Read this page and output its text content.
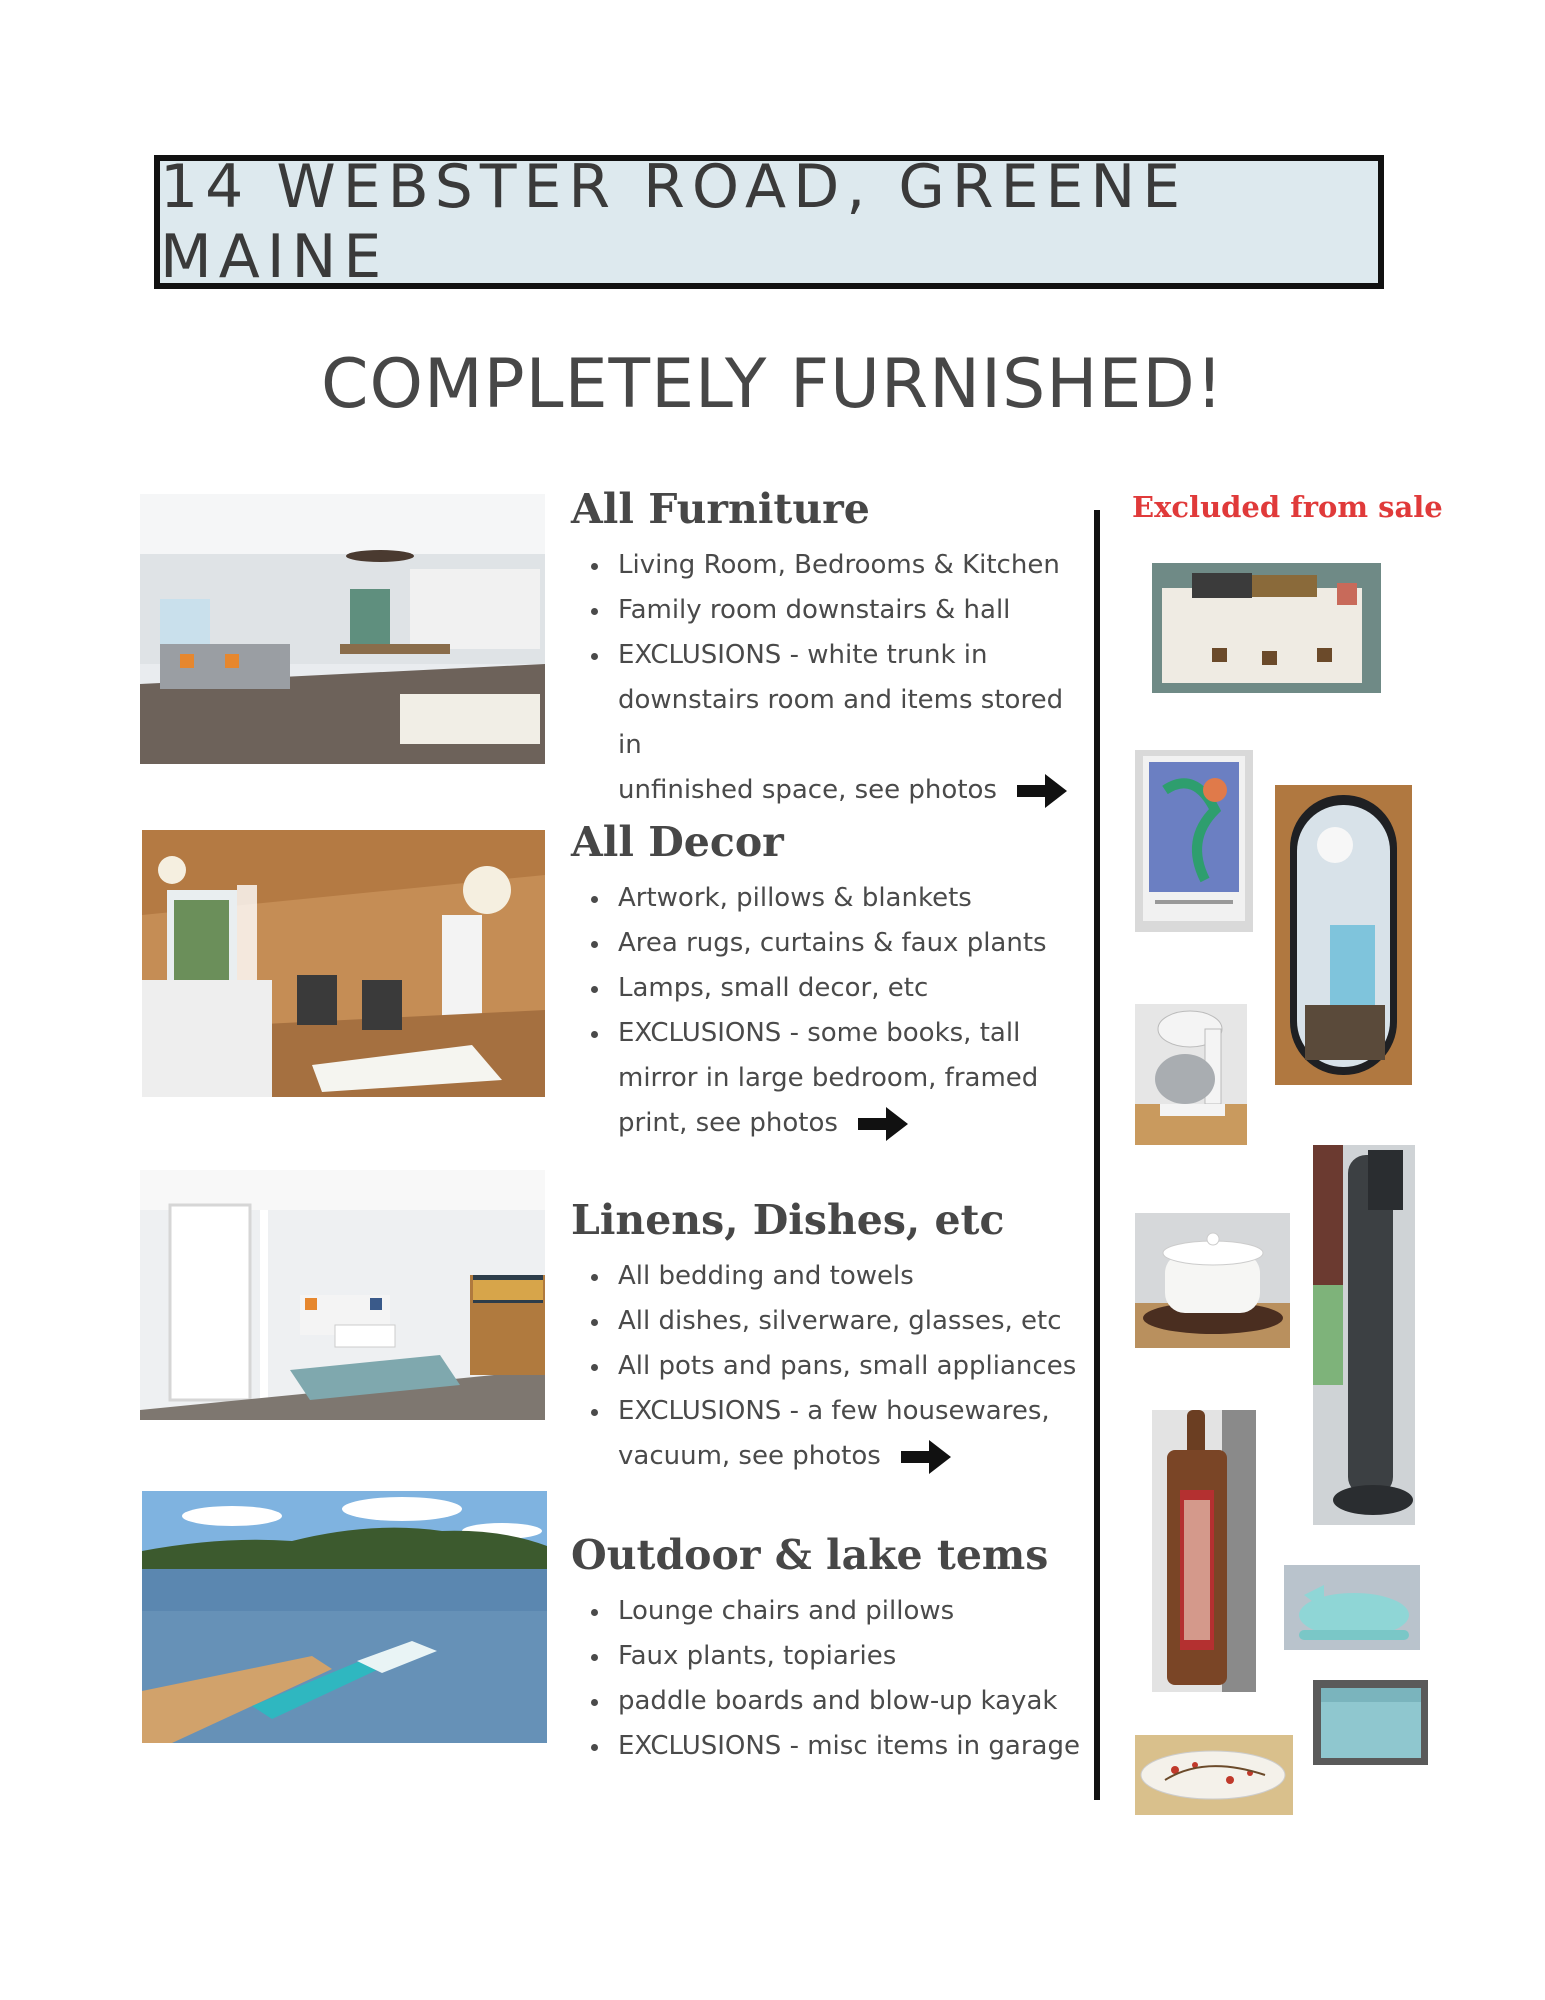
14 WEBSTER ROAD, GREENE MAINE
COMPLETELY FURNISHED!
All Furniture
Living Room, Bedrooms & Kitchen
Family room downstairs & hall
EXCLUSIONS - white trunk in
downstairs room and items stored in
unfinished space, see photos
All Decor
Artwork, pillows & blankets
Area rugs, curtains & faux plants
Lamps, small decor, etc
EXCLUSIONS - some books, tall
mirror in large bedroom, framed
print, see photos
Linens, Dishes, etc
All bedding and towels
All dishes, silverware, glasses, etc
All pots and pans, small appliances
EXCLUSIONS - a few housewares,
vacuum, see photos
Outdoor & lake tems
Lounge chairs and pillows
Faux plants, topiaries
paddle boards and blow-up kayak
EXCLUSIONS - misc items in garage
Excluded from sale
